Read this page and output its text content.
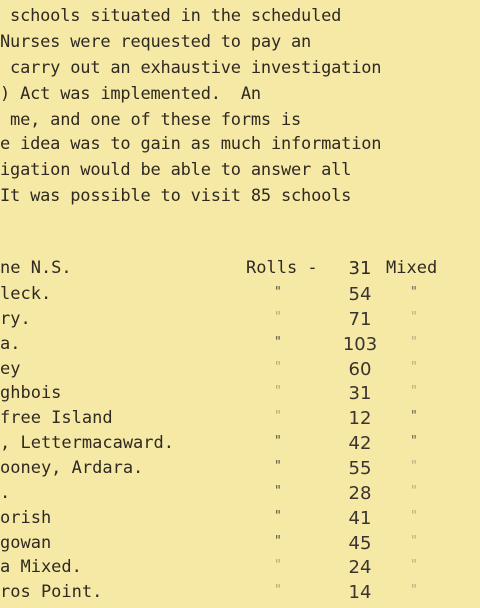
schools situated in the scheduled
Nurses were requested to pay an
carry out an exhaustive investigation
) Act was implemented.  An
me, and one of these forms is
e idea was to gain as much information
igation would be able to answer all
It was possible to visit 85 schools
ne N.S.	Rolls -	31 Mixed
leck.	"	54	"
ry.	"	71	"
a.	"	103	"
ey	"	60	"
ghbois	"	31	"
free Island	"	12	"
, Lettermacaward.	"	42	"
ooney, Ardara.	"	55	"
.	"	28	"
orish	"	41	"
gowan	"	45	"
a Mixed.	"	24	"
ros Point.	"	14	"
